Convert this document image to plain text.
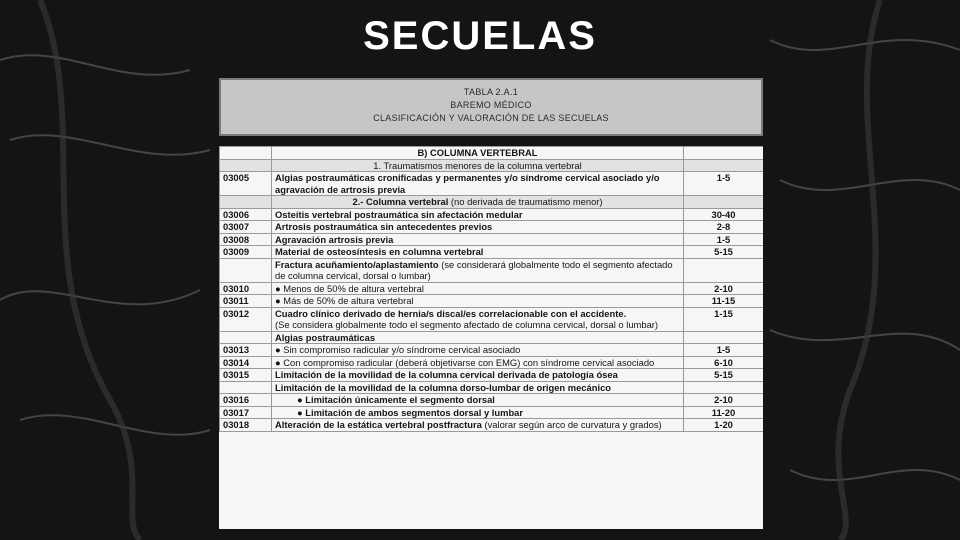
SECUELAS
TABLA 2.A.1
BAREMO MÉDICO
CLASIFICACIÓN Y VALORACIÓN DE LAS SECUELAS
	B) COLUMNA VERTEBRAL	
	1. Traumatismos menores de la columna vertebral	
03005	Algias postraumáticas cronificadas y permanentes y/o síndrome cervical asociado y/o agravación de artrosis previa	1-5
	2.- Columna vertebral (no derivada de traumatismo menor)	
03006	Osteítis vertebral postraumática sin afectación medular	30-40
03007	Artrosis postraumática sin antecedentes previos	2-8
03008	Agravación artrosis previa	1-5
03009	Material de osteosíntesis en columna vertebral	5-15
	Fractura acuñamiento/aplastamiento (se considerará globalmente todo el segmento afectado de columna cervical, dorsal o lumbar)	
03010	● Menos de 50% de altura vertebral	2-10
03011	● Más de 50% de altura vertebral	11-15
03012	Cuadro clínico derivado de hernia/s discal/es correlacionable con el accidente.
(Se considera globalmente todo el segmento afectado de columna cervical, dorsal o lumbar)	1-15
	Algias postraumáticas	
03013	● Sin compromiso radicular y/o síndrome cervical asociado	1-5
03014	● Con compromiso radicular (deberá objetivarse con EMG) con síndrome cervical asociado	6-10
03015	Limitación de la movilidad de la columna cervical derivada de patología ósea	5-15
	Limitación de la movilidad de la columna dorso-lumbar de origen mecánico	
03016	● Limitación únicamente el segmento dorsal	2-10
03017	● Limitación de ambos segmentos dorsal y lumbar	11-20
03018	Alteración de la estática vertebral postfractura (valorar según arco de curvatura y grados)	1-20
